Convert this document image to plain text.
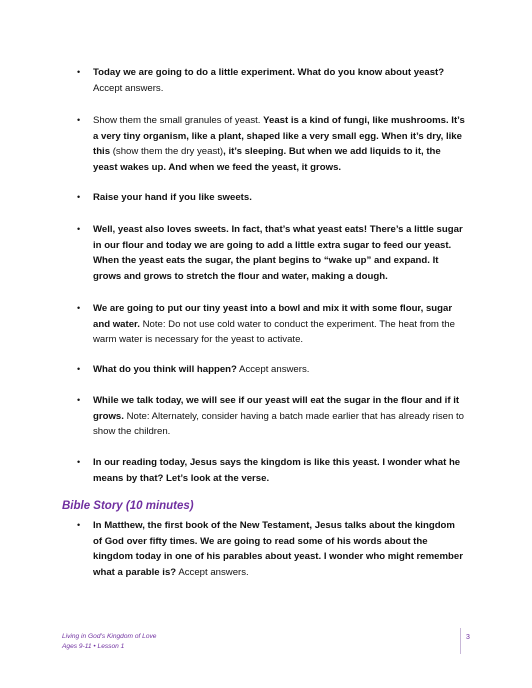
• Today we are going to do a little experiment. What do you know about yeast? Accept answers.
• Show them the small granules of yeast. Yeast is a kind of fungi, like mushrooms. It’s a very tiny organism, like a plant, shaped like a very small egg. When it’s dry, like this (show them the dry yeast), it’s sleeping. But when we add liquids to it, the yeast wakes up. And when we feed the yeast, it grows.
• Raise your hand if you like sweets.
• Well, yeast also loves sweets. In fact, that’s what yeast eats! There’s a little sugar in our flour and today we are going to add a little extra sugar to feed our yeast. When the yeast eats the sugar, the plant begins to “wake up” and expand. It grows and grows to stretch the flour and water, making a dough.
• We are going to put our tiny yeast into a bowl and mix it with some flour, sugar and water. Note: Do not use cold water to conduct the experiment. The heat from the warm water is necessary for the yeast to activate.
• What do you think will happen? Accept answers.
• While we talk today, we will see if our yeast will eat the sugar in the flour and if it grows. Note: Alternately, consider having a batch made earlier that has already risen to show the children.
• In our reading today, Jesus says the kingdom is like this yeast. I wonder what he means by that? Let’s look at the verse.
Bible Story (10 minutes)
• In Matthew, the first book of the New Testament, Jesus talks about the kingdom of God over fifty times. We are going to read some of his words about the kingdom today in one of his parables about yeast. I wonder who might remember what a parable is? Accept answers.
Living in God’s Kingdom of Love
Ages 9-11 • Lesson 1
3
